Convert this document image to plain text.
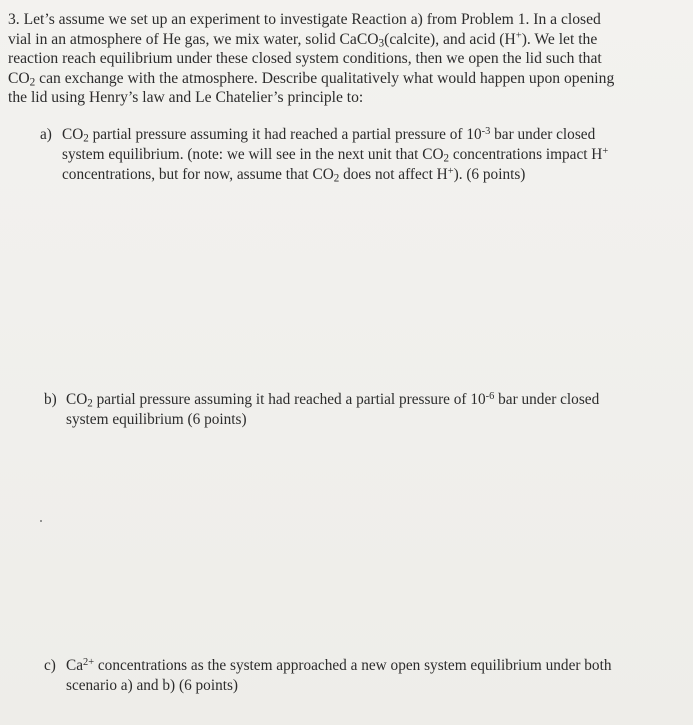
3. Let’s assume we set up an experiment to investigate Reaction a) from Problem 1. In a closed
vial in an atmosphere of He gas, we mix water, solid CaCO$_3$(calcite), and acid (H+). We let the
reaction reach equilibrium under these closed system conditions, then we open the lid such that
$CO_2$ can exchange with the atmosphere. Describe qualitatively what would happen upon opening
the lid using Henry’s law and Le Chatelier’s principle to:
a) $CO_2$ partial pressure assuming it had reached a partial pressure of $10^{-3}$ bar under closed
system equilibrium. (note: we will see in the next unit that $CO_2$ concentrations impact H+
concentrations, but for now, assume that $CO_2$ does not affect H+). (6 points)
b) $CO_2$ partial pressure assuming it had reached a partial pressure of $10^{-6}$ bar under closed
system equilibrium (6 points)
c) $Ca^{2+}$ concentrations as the system approached a new open system equilibrium under both
scenario a) and b) (6 points)
